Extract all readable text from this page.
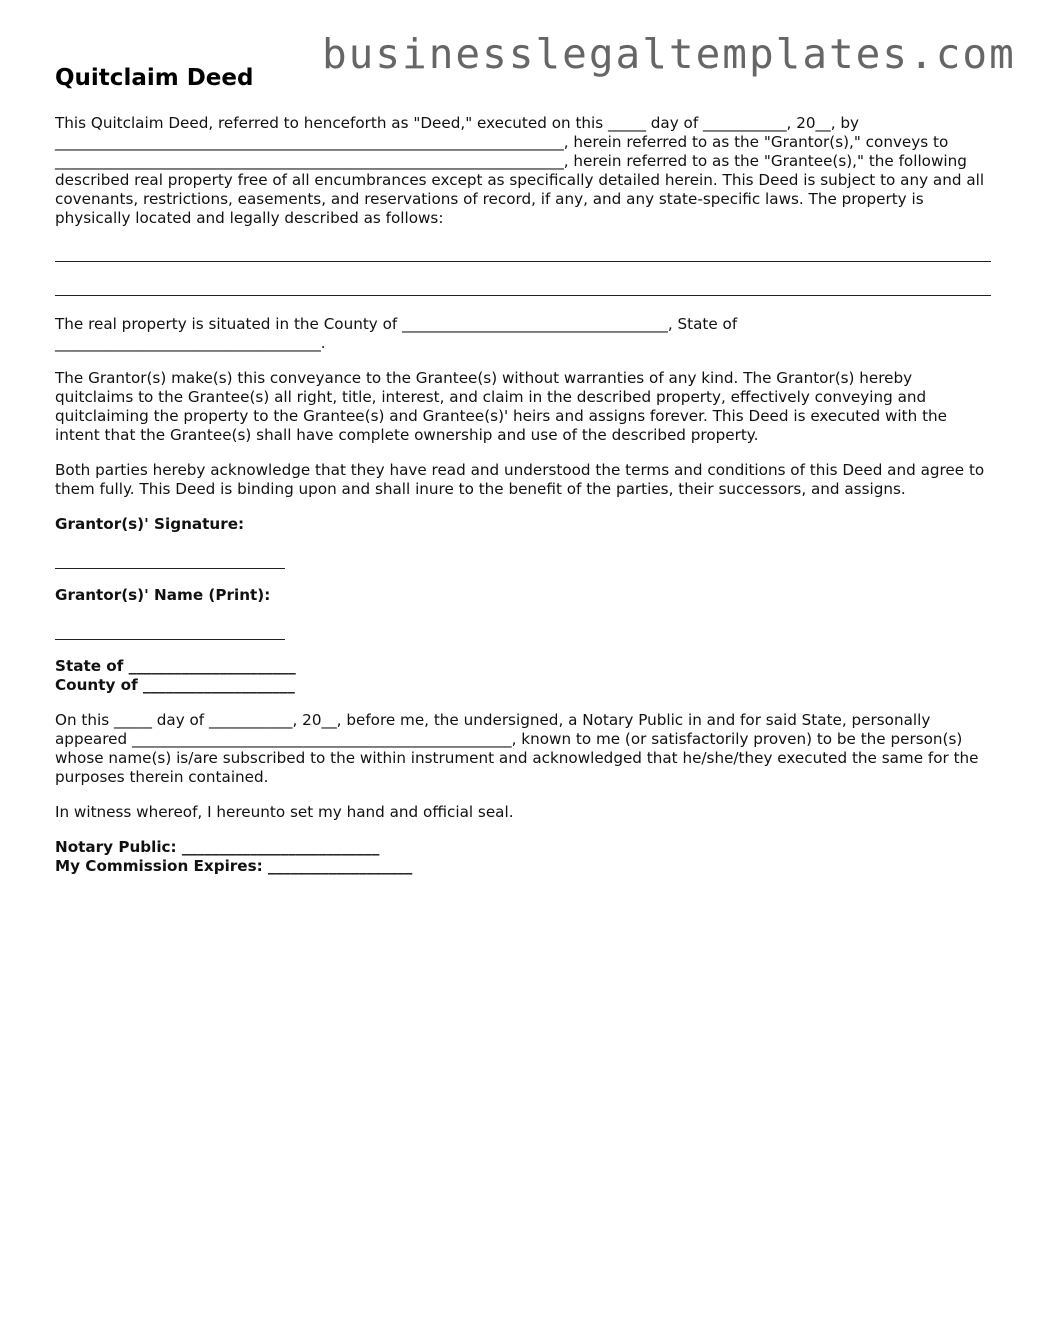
businesslegaltemplates.com
Quitclaim Deed

This Quitclaim Deed, referred to henceforth as "Deed," executed on this _____ day of ___________, 20__, by ___________________________________________________________________, herein referred to as the "Grantor(s)," conveys to ___________________________________________________________________, herein referred to as the "Grantee(s)," the following described real property free of all encumbrances except as specifically detailed herein. This Deed is subject to any and all covenants, restrictions, easements, and reservations of record, if any, and any state-specific laws. The property is physically located and legally described as follows:

The real property is situated in the County of ___________________________________, State of ___________________________________.

The Grantor(s) make(s) this conveyance to the Grantee(s) without warranties of any kind. The Grantor(s) hereby quitclaims to the Grantee(s) all right, title, interest, and claim in the described property, effectively conveying and quitclaiming the property to the Grantee(s) and Grantee(s)' heirs and assigns forever. This Deed is executed with the intent that the Grantee(s) shall have complete ownership and use of the described property.

Both parties hereby acknowledge that they have read and understood the terms and conditions of this Deed and agree to them fully. This Deed is binding upon and shall inure to the benefit of the parties, their successors, and assigns.

Grantor(s)' Signature:
Grantor(s)' Name (Print):
State of ______________________

County of ____________________

On this _____ day of ___________, 20__, before me, the undersigned, a Notary Public in and for said State, personally appeared __________________________________________________, known to me (or satisfactorily proven) to be the person(s) whose name(s) is/are subscribed to the within instrument and acknowledged that he/she/they executed the same for the purposes therein contained.

In witness whereof, I hereunto set my hand and official seal.

Notary Public: __________________________
My Commission Expires: ___________________
